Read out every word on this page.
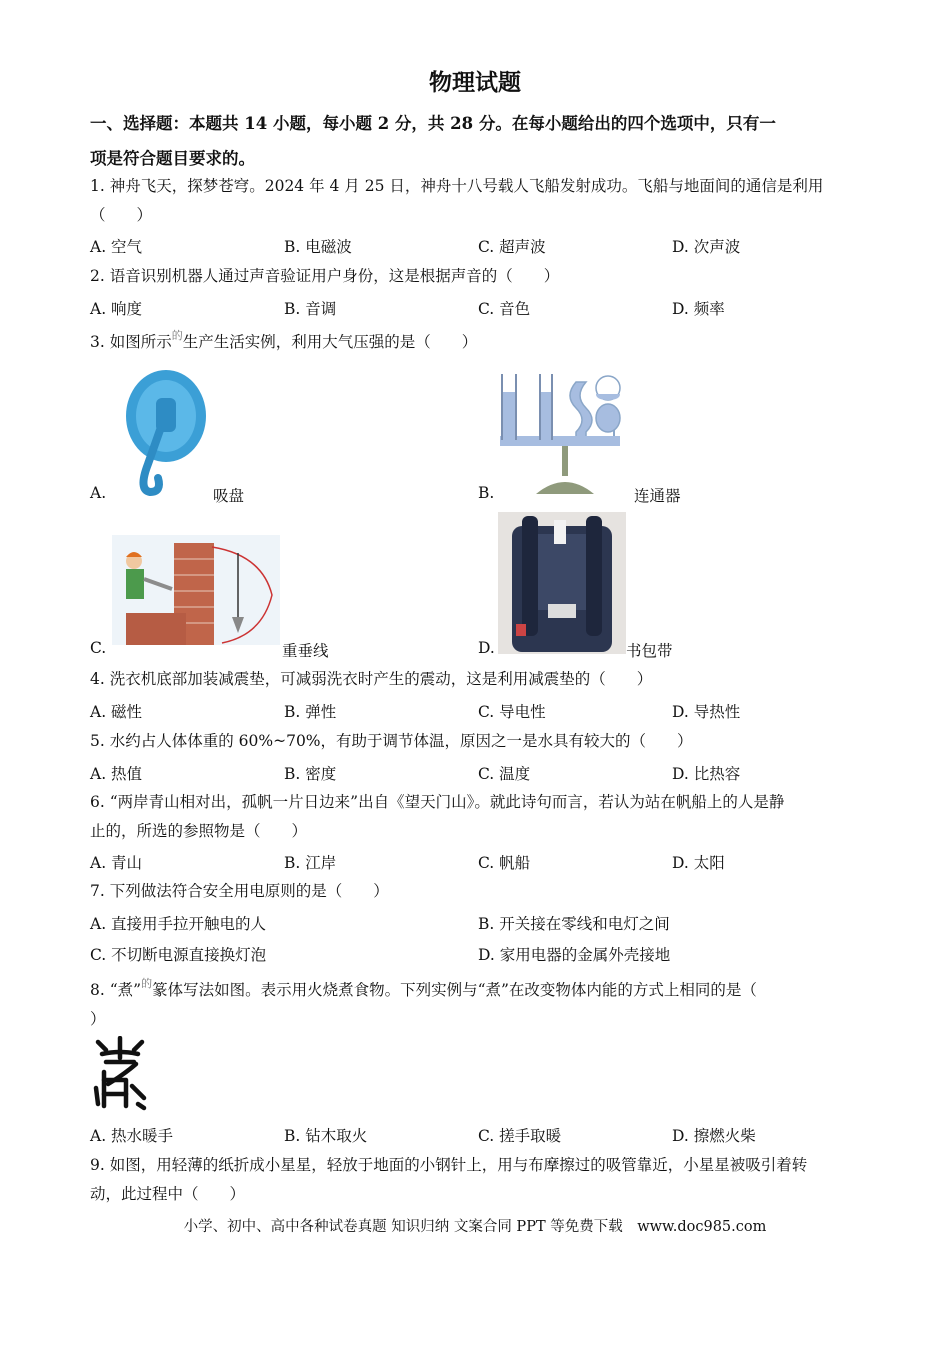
物理试题
一、选择题：本题共 14 小题，每小题 2 分，共 28 分。在每小题给出的四个选项中，只有一
项是符合题目要求的。
1. 神舟飞天，探梦苍穹。2024 年 4 月 25 日，神舟十八号载人飞船发射成功。飞船与地面间的通信是利用
（　　）
A. 空气	B. 电磁波	C. 超声波	D. 次声波
2. 语音识别机器人通过声音验证用户身份，这是根据声音的（　　）
A. 响度	B. 音调	C. 音色	D. 频率
3. 如图所示$^的$生产生活实例，利用大气压强的是（　　）
A.	吸盘	B.	连通器
C.	重垂线	D.	书包带
4. 洗衣机底部加装减震垫，可减弱洗衣时产生的震动，这是利用减震垫的（　　）
A. 磁性	B. 弹性	C. 导电性	D. 导热性
5. 水约占人体体重的 60%~70%，有助于调节体温，原因之一是水具有较大的（　　）
A. 热值	B. 密度	C. 温度	D. 比热容
6. “两岸青山相对出，孤帆一片日边来”出自《望天门山》。就此诗句而言，若认为站在帆船上的人是静
止的，所选的参照物是（　　）
A. 青山	B. 江岸	C. 帆船	D. 太阳
7. 下列做法符合安全用电原则的是（　　）
A. 直接用手拉开触电的人	B. 开关接在零线和电灯之间
C. 不切断电源直接换灯泡	D. 家用电器的金属外壳接地
8. “煮”$^的$篆体写法如图。表示用火烧煮食物。下列实例与“煮”在改变物体内能的方式上相同的是（
）
A. 热水暖手	B. 钻木取火	C. 搓手取暖	D. 擦燃火柴
9. 如图，用轻薄的纸折成小星星，轻放于地面的小钢针上，用与布摩擦过的吸管靠近，小星星被吸引着转
动，此过程中（　　）
小学、初中、高中各种试卷真题 知识归纳 文案合同 PPT 等免费下载　www.doc985.com
